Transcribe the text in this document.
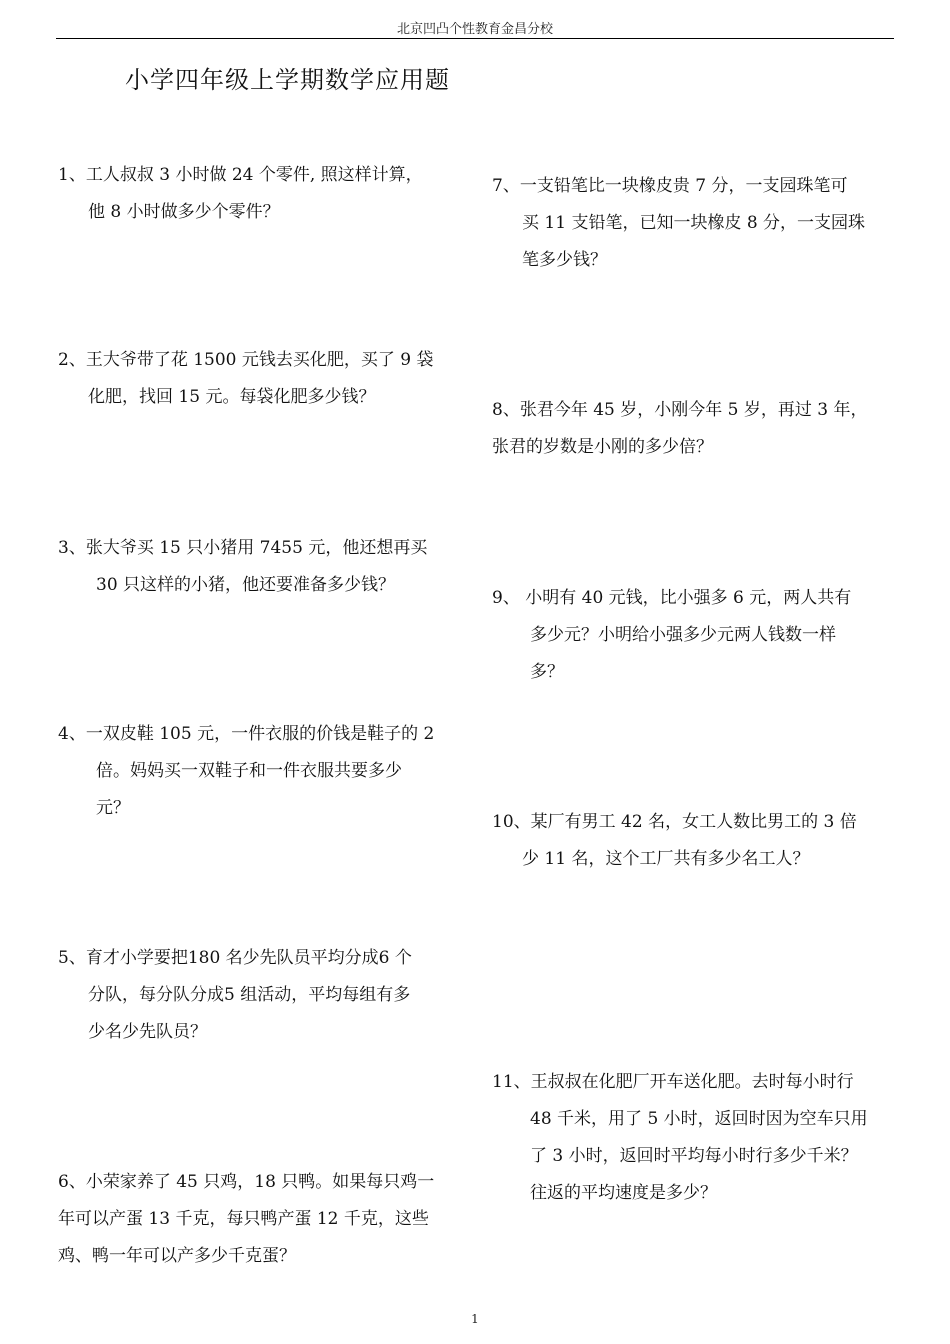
北京凹凸个性教育金昌分校
小学四年级上学期数学应用题
1、工人叔叔 3 小时做 24 个零件, 照这样计算，
他 8 小时做多少个零件？
2、王大爷带了花 1500 元钱去买化肥，买了 9 袋
化肥，找回 15 元。每袋化肥多少钱？
3、张大爷买 15 只小猪用 7455 元，他还想再买
30 只这样的小猪，他还要准备多少钱？
4、一双皮鞋 105 元，一件衣服的价钱是鞋子的 2
倍。妈妈买一双鞋子和一件衣服共要多少
元？
5、育才小学要把180 名少先队员平均分成6 个
分队，每分队分成5 组活动，平均每组有多
少名少先队员？
6、小荣家养了 45 只鸡，18 只鸭。如果每只鸡一
年可以产蛋 13 千克，每只鸭产蛋 12 千克，这些
鸡、鸭一年可以产多少千克蛋？
7、一支铅笔比一块橡皮贵 7 分，一支园珠笔可
买 11 支铅笔，已知一块橡皮 8 分，一支园珠
笔多少钱？
8、张君今年 45 岁，小刚今年 5 岁，再过 3 年，
张君的岁数是小刚的多少倍？
9、 小明有 40 元钱，比小强多 6 元，两人共有
多少元？小明给小强多少元两人钱数一样
多？
10、某厂有男工 42 名，女工人数比男工的 3 倍
少 11 名，这个工厂共有多少名工人？
11、王叔叔在化肥厂开车送化肥。去时每小时行
48 千米，用了 5 小时，返回时因为空车只用
了 3 小时，返回时平均每小时行多少千米？
往返的平均速度是多少？
1
